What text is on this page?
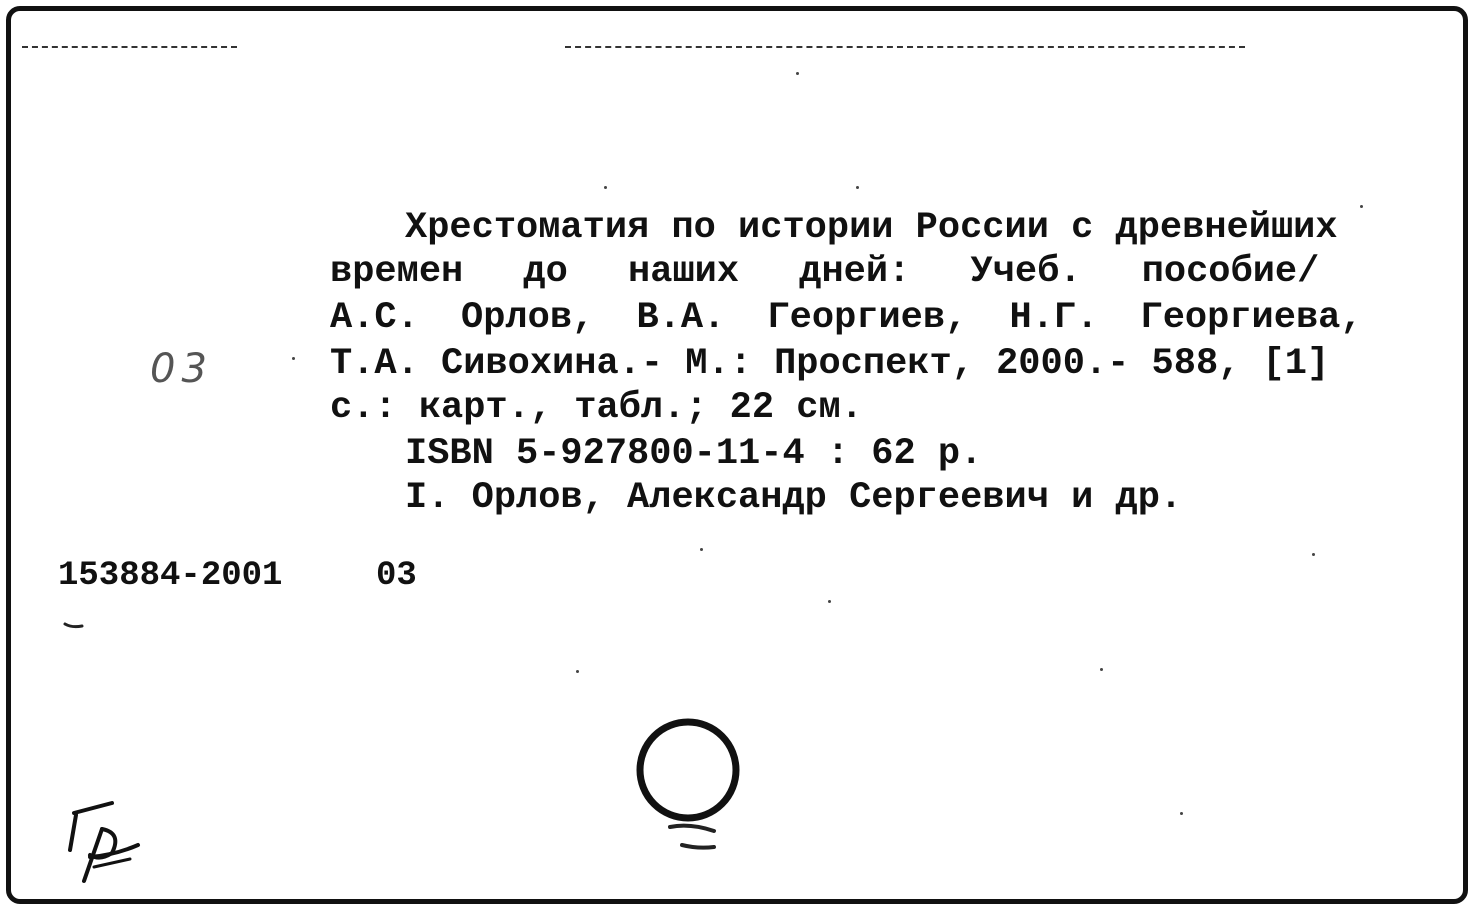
Хрестоматия по истории России с древнейших

времен до наших дней: Учеб. пособие/

А.С. Орлов, В.А. Георгиев, Н.Г. Георгиева,

Т.А. Сивохина.- М.: Проспект, 2000.- 588, [1]

с.: карт., табл.; 22 см.

ISBN 5-927800-11-4 : 62 р.

I. Орлов, Александр Сергеевич и др.

153884-2001

	03

03
